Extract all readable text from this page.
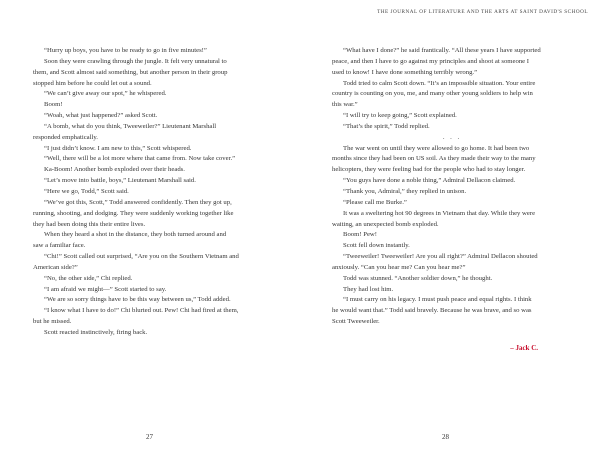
THE JOURNAL OF LITERATURE AND THE ARTS AT SAINT DAVID'S SCHOOL

“Hurry up boys, you have to be ready to go in five minutes!”

Soon they were crawling through the jungle. It felt very unnatural to

them, and Scott almost said something, but another person in their group

stopped him before he could let out a sound.

“We can’t give away our spot,” he whispered.

Boom!

“Woah, what just happened?” asked Scott.

“A bomb, what do you think, Tweeweiler?” Lieutenant Marshall

responded emphatically.

“I just didn’t know. I am new to this,” Scott whispered.

“Well, there will be a lot more where that came from. Now take cover.”

Ka-Boom! Another bomb exploded over their heads.

“Let’s move into battle, boys,” Lieutenant Marshall said.

“Here we go, Todd,” Scott said.

“We’ve got this, Scott,” Todd answered confidently. Then they got up,

running, shooting, and dodging. They were suddenly working together like

they had been doing this their entire lives.

When they heard a shot in the distance, they both turned around and

saw a familiar face.

“Chi!” Scott called out surprised, “Are you on the Southern Vietnam and

American side?”

“No, the other side,” Chi replied.

“I am afraid we might—” Scott started to say.

“We are so sorry things have to be this way between us,” Todd added.

“I know what I have to do!” Chi blurted out. Pew! Chi had fired at them,

but he missed.

Scott reacted instinctively, firing back.

“What have I done?” he said frantically. “All these years I have supported

peace, and then I have to go against my principles and shoot at someone I

used to know! I have done something terribly wrong.”

Todd tried to calm Scott down. “It’s an impossible situation. Your entire

country is counting on you, me, and many other young soldiers to help win

this war.”

“I will try to keep going,” Scott explained.

“That’s the spirit,” Todd replied.

. . .

The war went on until they were allowed to go home. It had been two

months since they had been on US soil. As they made their way to the many

helicopters, they were feeling bad for the people who had to stay longer.

“You guys have done a noble thing,” Admiral Dellacon claimed.

“Thank you, Admiral,” they replied in unison.

“Please call me Burke.”

It was a sweltering hot 90 degrees in Vietnam that day. While they were

waiting, an unexpected bomb exploded.

Boom! Pew!

Scott fell down instantly.

“Tweeweiler! Tweeweiler! Are you all right?” Admiral Dellacon shouted

anxiously. “Can you hear me? Can you hear me?”

Todd was stunned. “Another soldier down,” he thought.

They had lost him.

“I must carry on his legacy. I must push peace and equal rights. I think

he would want that.” Todd said bravely. Because he was brave, and so was

Scott Tweeweiler.

– Jack C.
27	28
